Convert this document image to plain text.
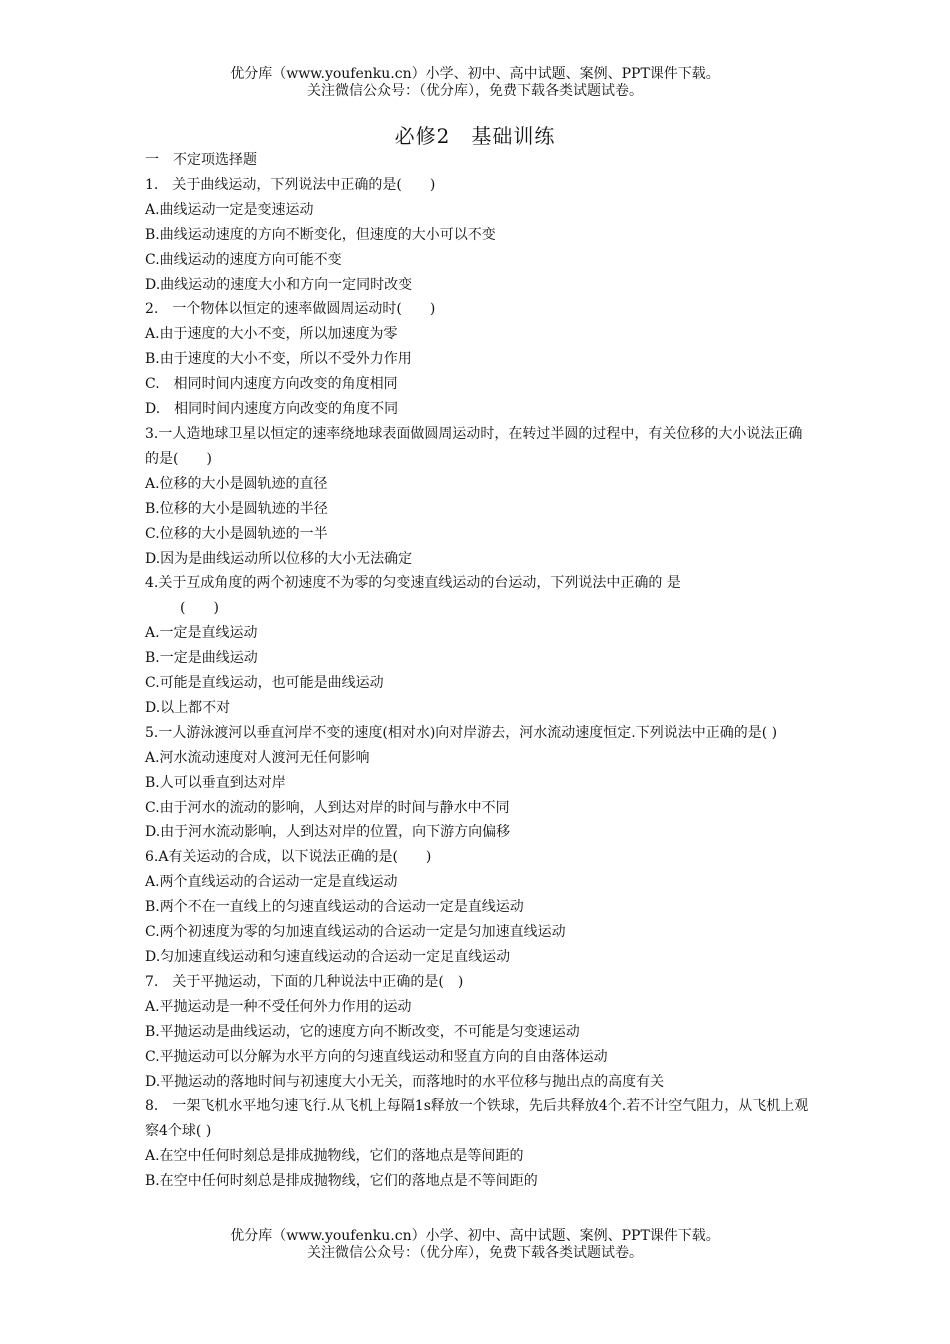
优分库（www.youfenku.cn）小学、初中、高中试题、案例、PPT课件下载。
关注微信公众号：（优分库），免费下载各类试题试卷。
必修2　基础训练

一　不定项选择题

1.　关于曲线运动，下列说法中正确的是(　　)

A.曲线运动一定是变速运动

B.曲线运动速度的方向不断变化，但速度的大小可以不变

C.曲线运动的速度方向可能不变

D.曲线运动的速度大小和方向一定同时改变

2.　一个物体以恒定的速率做圆周运动时(　　)

A.由于速度的大小不变，所以加速度为零

B.由于速度的大小不变，所以不受外力作用

C.　相同时间内速度方向改变的角度相同

D.　相同时间内速度方向改变的角度不同

3.一人造地球卫星以恒定的速率绕地球表面做圆周运动时，在转过半圆的过程中，有关位移的大小说法正确的是(　　)

A.位移的大小是圆轨迹的直径

B.位移的大小是圆轨迹的半径

C.位移的大小是圆轨迹的一半

D.因为是曲线运动所以位移的大小无法确定

4.关于互成角度的两个初速度不为零的匀变速直线运动的台运动，下列说法中正确的 是

(　　)

A.一定是直线运动

B.一定是曲线运动

C.可能是直线运动，也可能是曲线运动

D.以上都不对

5.一人游泳渡河以垂直河岸不变的速度(相对水)向对岸游去，河水流动速度恒定.下列说法中正确的是( )

A.河水流动速度对人渡河无任何影响

B.人可以垂直到达对岸

C.由于河水的流动的影响，人到达对岸的时间与静水中不同

D.由于河水流动影响，人到达对岸的位置，向下游方向偏移

6.A有关运动的合成，以下说法正确的是(　　)

A.两个直线运动的合运动一定是直线运动

B.两个不在一直线上的匀速直线运动的合运动一定是直线运动

C.两个初速度为零的匀加速直线运动的合运动一定是匀加速直线运动

D.匀加速直线运动和匀速直线运动的合运动一定足直线运动

7.　关于平抛运动，下面的几种说法中正确的是(　)

A.平抛运动是一种不受任何外力作用的运动

B.平抛运动是曲线运动，它的速度方向不断改变，不可能是匀变速运动

C.平抛运动可以分解为水平方向的匀速直线运动和竖直方向的自由落体运动

D.平抛运动的落地时间与初速度大小无关，而落地时的水平位移与抛出点的高度有关

8.　一架飞机水平地匀速飞行.从飞机上每隔1s释放一个铁球，先后共释放4个.若不计空气阻力，从飞机上观察4个球( )

A.在空中任何时刻总是排成抛物线，它们的落地点是等间距的

B.在空中任何时刻总是排成抛物线，它们的落地点是不等间距的

优分库（www.youfenku.cn）小学、初中、高中试题、案例、PPT课件下载。
关注微信公众号：（优分库），免费下载各类试题试卷。
